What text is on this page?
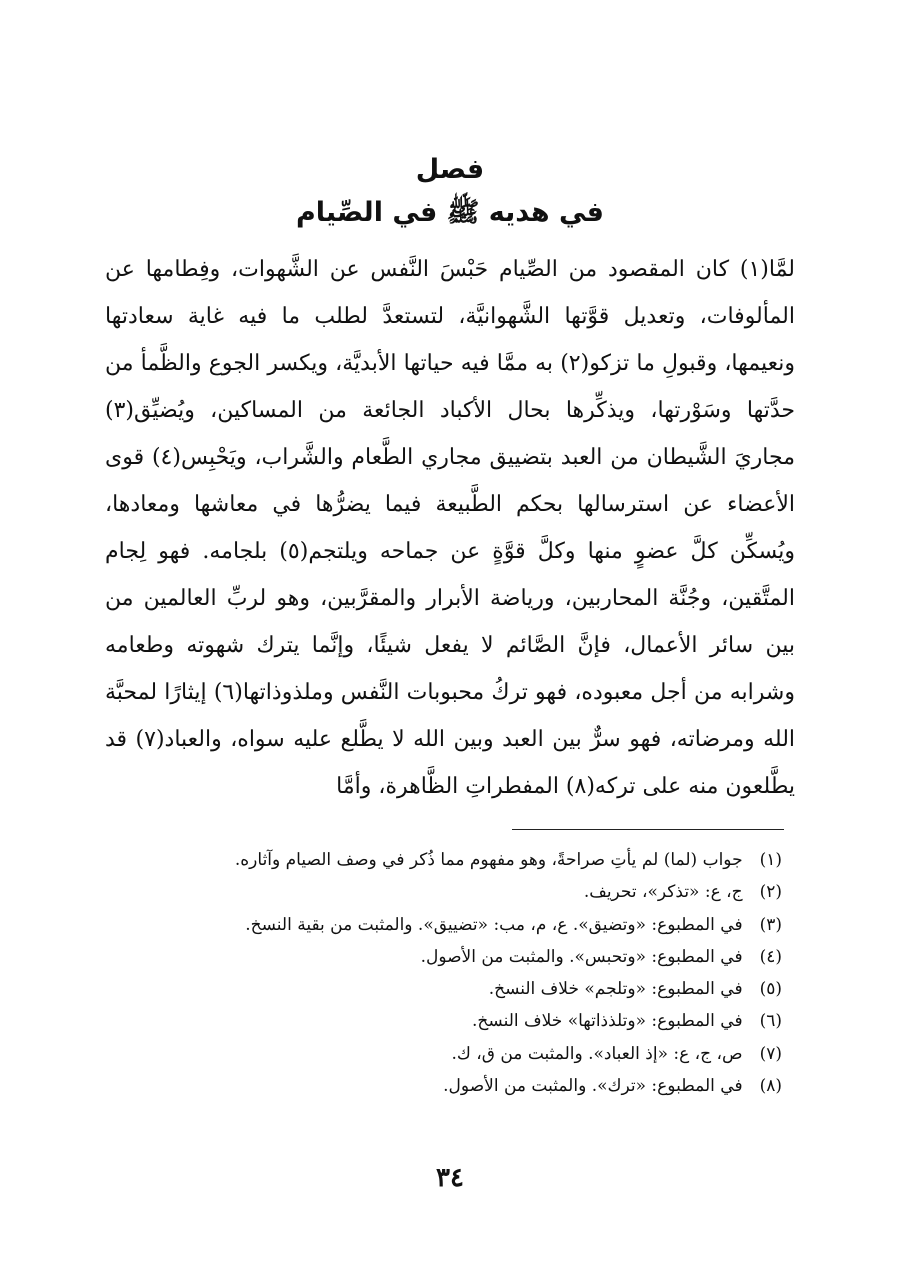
فصل
في هديه ﷺ في الصِّيام

لمَّا(١) كان المقصود من الصِّيام حَبْسَ النَّفس عن الشَّهوات، وفِطامها عن المألوفات، وتعديل قوَّتها الشَّهوانيَّة، لتستعدَّ لطلب ما فيه غاية سعادتها ونعيمها، وقبولِ ما تزكو(٢) به ممَّا فيه حياتها الأبديَّة، ويكسر الجوع والظَّمأ من حدَّتها وسَوْرتها، ويذكِّرها بحال الأكباد الجائعة من المساكين، ويُضيِّق(٣) مجاريَ الشَّيطان من العبد بتضييق مجاري الطَّعام والشَّراب، ويَحْبِس(٤) قوى الأعضاء عن استرسالها بحكم الطَّبيعة فيما يضرُّها في معاشها ومعادها، ويُسكِّن كلَّ عضوٍ منها وكلَّ قوَّةٍ عن جماحه ويلتجم(٥) بلجامه. فهو لِجام المتَّقين، وجُنَّة المحاربين، ورياضة الأبرار والمقرَّبين، وهو لربِّ العالمين من بين سائر الأعمال، فإنَّ الصَّائم لا يفعل شيئًا، وإنَّما يترك شهوته وطعامه وشرابه من أجل معبوده، فهو تركُ محبوبات النَّفس وملذوذاتها(٦) إيثارًا لمحبَّة الله ومرضاته، فهو سرٌّ بين العبد وبين الله لا يطَّلع عليه سواه، والعباد(٧) قد يطَّلعون منه على تركه(٨) المفطراتِ الظَّاهرة، وأمَّا

(١) جواب (لما) لم يأتِ صراحةً، وهو مفهوم مما ذُكر في وصف الصيام وآثاره.
(٢) ج، ع: «تذكر»، تحريف.
(٣) في المطبوع: «وتضيق». ع، م، مب: «تضييق». والمثبت من بقية النسخ.
(٤) في المطبوع: «وتحبس». والمثبت من الأصول.
(٥) في المطبوع: «وتلجم» خلاف النسخ.
(٦) في المطبوع: «وتلذذاتها» خلاف النسخ.
(٧) ص، ج، ع: «إذ العباد». والمثبت من ق، ك.
(٨) في المطبوع: «ترك». والمثبت من الأصول.
٣٤
